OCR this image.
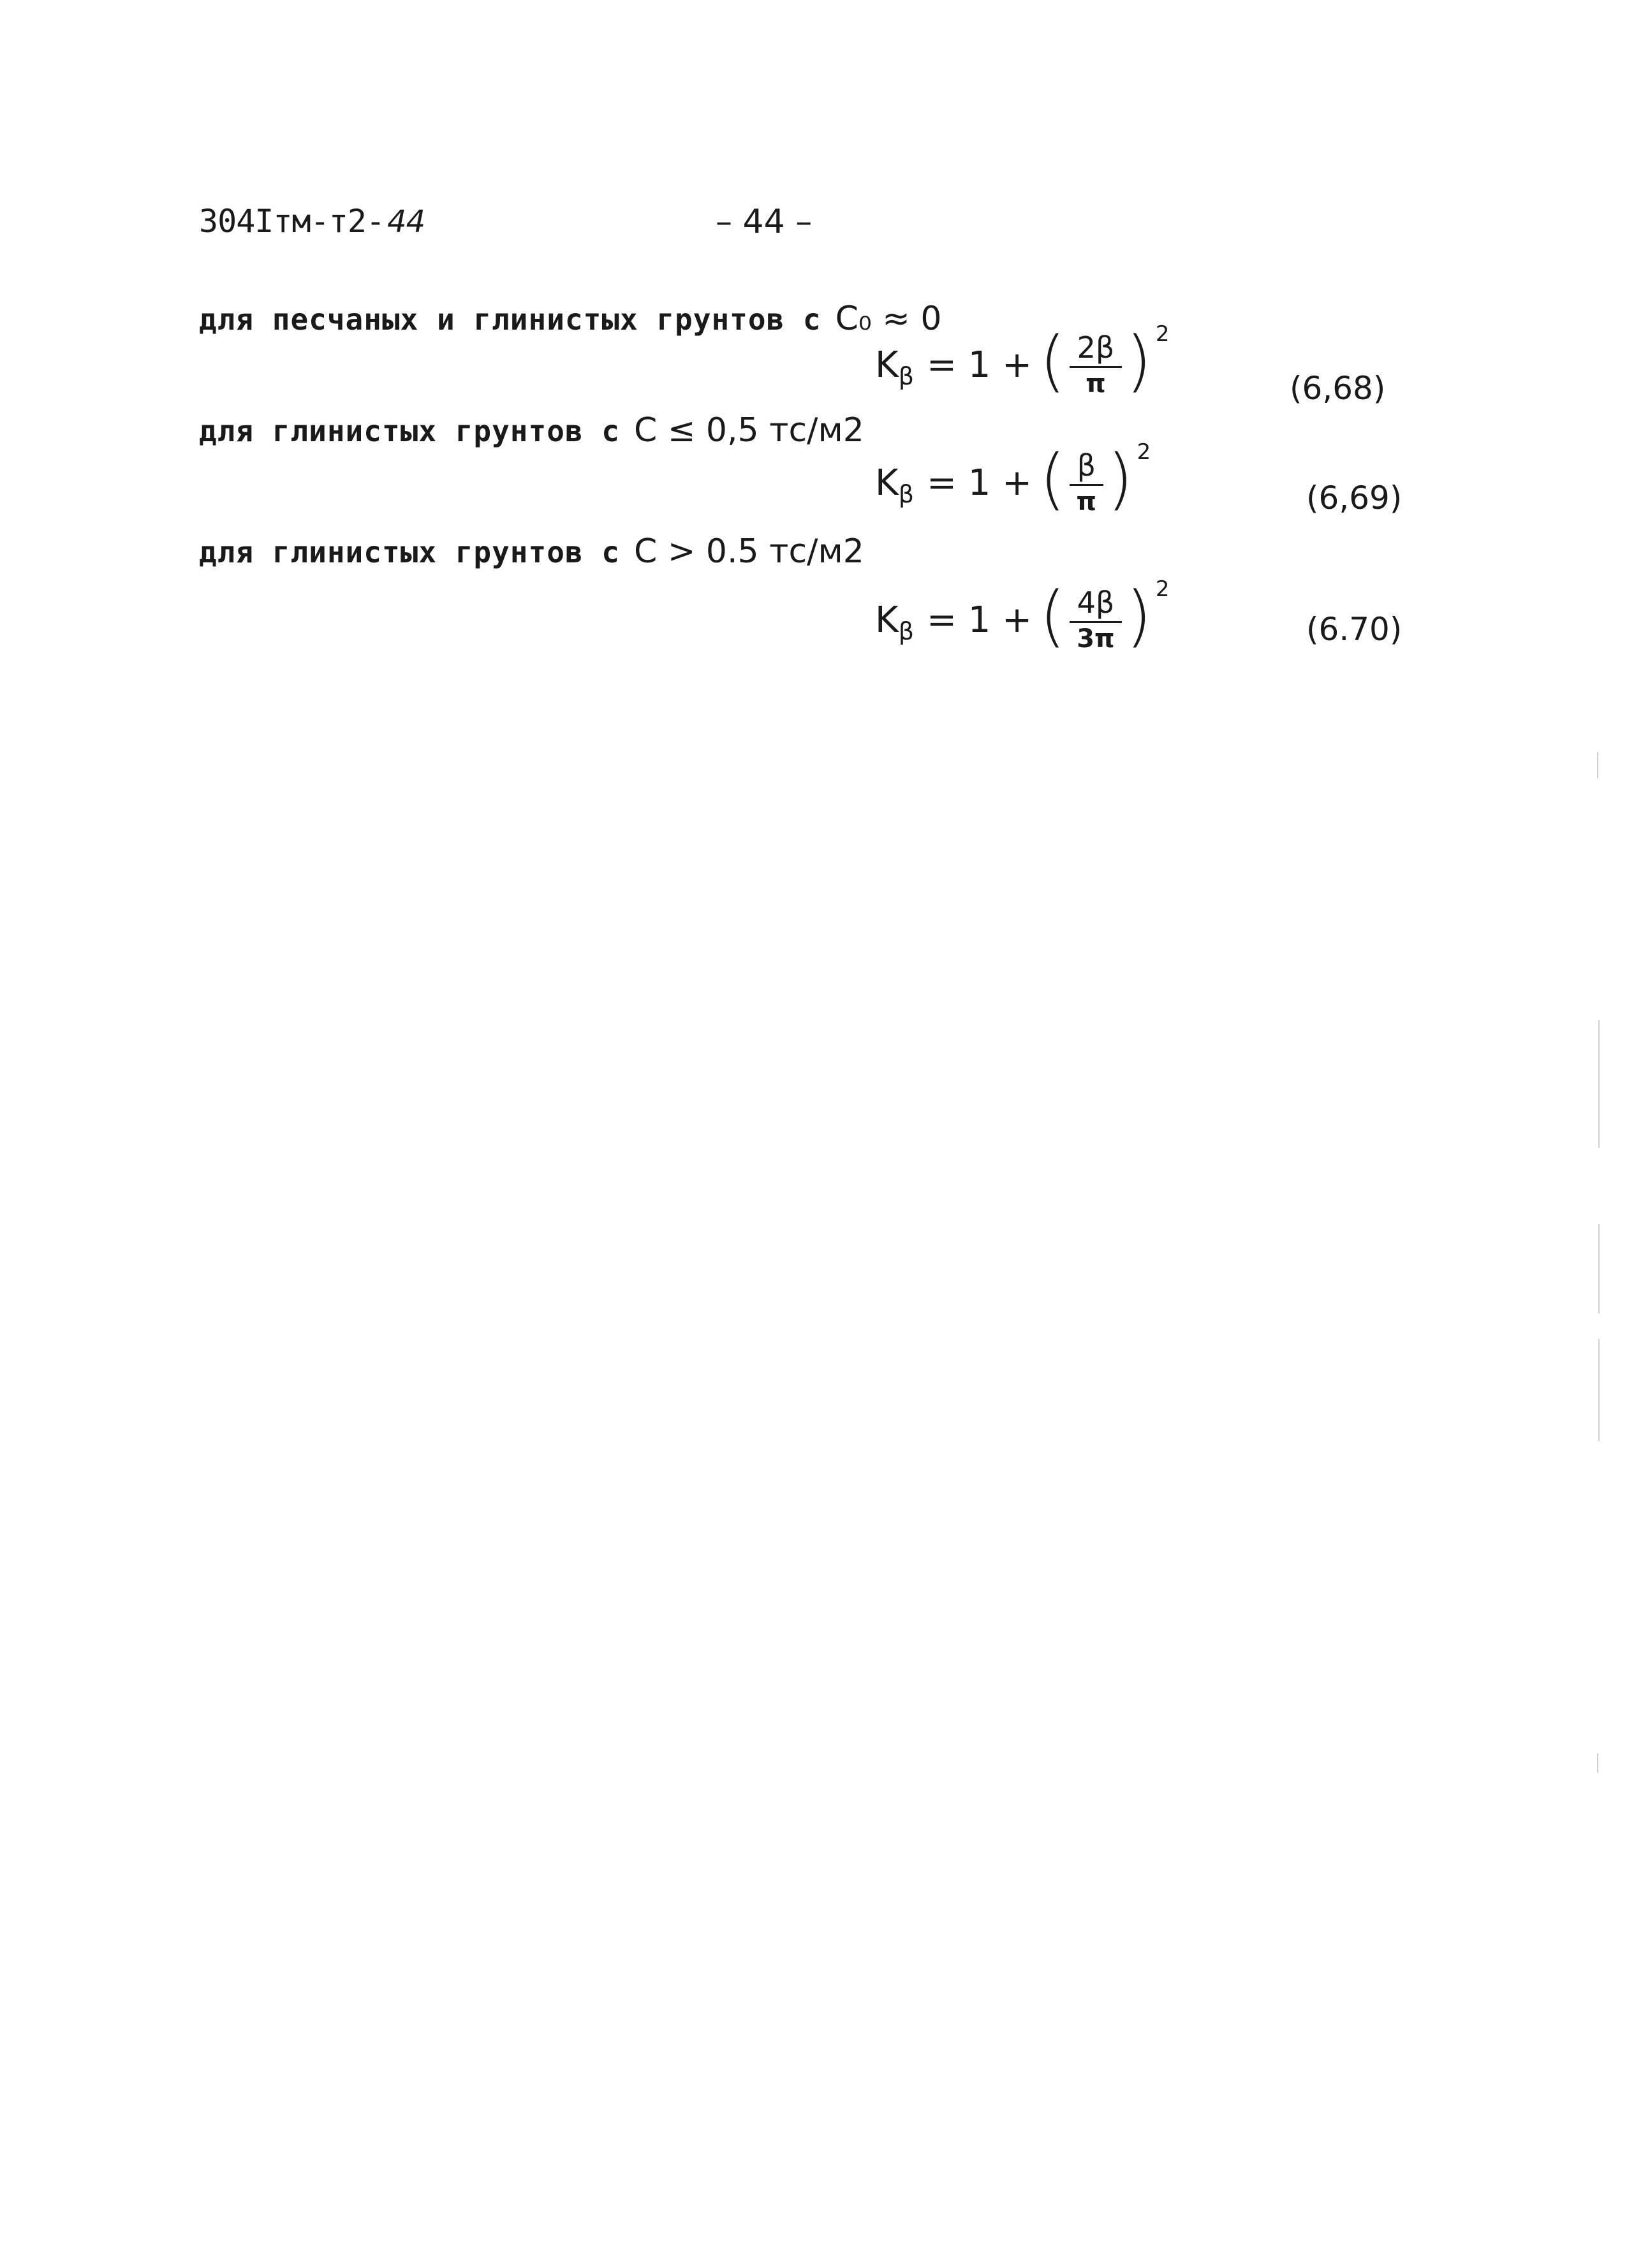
304Iтм-т2-44	– 44 –
для песчаных и глинистых грунтов с C₀ ≈ 0
K β = 1 + ( $\frac{2\beta}{\pi}$ ) 2
(6,68)
для глинистых грунтов с C ≤ 0,5 тс/м2
K β = 1 + ( $\frac{\beta}{\pi}$ ) 2
(6,69)
для глинистых грунтов с C > 0.5 тс/м2
K β = 1 + ( $\frac{4\beta}{3\pi}$ ) 2
(6.70)
